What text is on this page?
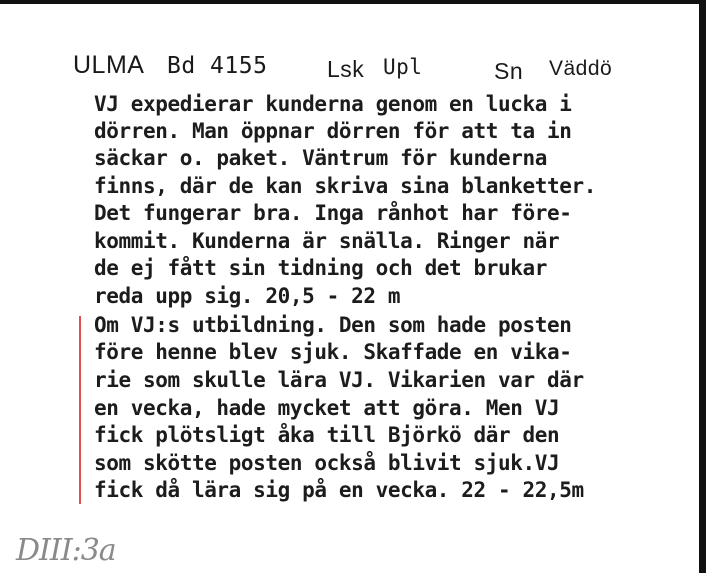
ULMA Bd 4155	Lsk Upl	Sn Väddö
VJ expedierar kunderna genom en lucka i
dörren. Man öppnar dörren för att ta in
säckar o. paket. Väntrum för kunderna
finns, där de kan skriva sina blanketter.
Det fungerar bra. Inga rånhot har före-
kommit. Kunderna är snälla. Ringer när
de ej fått sin tidning och det brukar
reda upp sig. 20,5 - 22 m
Om VJ:s utbildning. Den som hade posten
före henne blev sjuk. Skaffade en vika-
rie som skulle lära VJ. Vikarien var där
en vecka, hade mycket att göra. Men VJ
fick plötsligt åka till Björkö där den
som skötte posten också blivit sjuk.VJ
fick då lära sig på en vecka. 22 - 22,5m
DIII:3a
